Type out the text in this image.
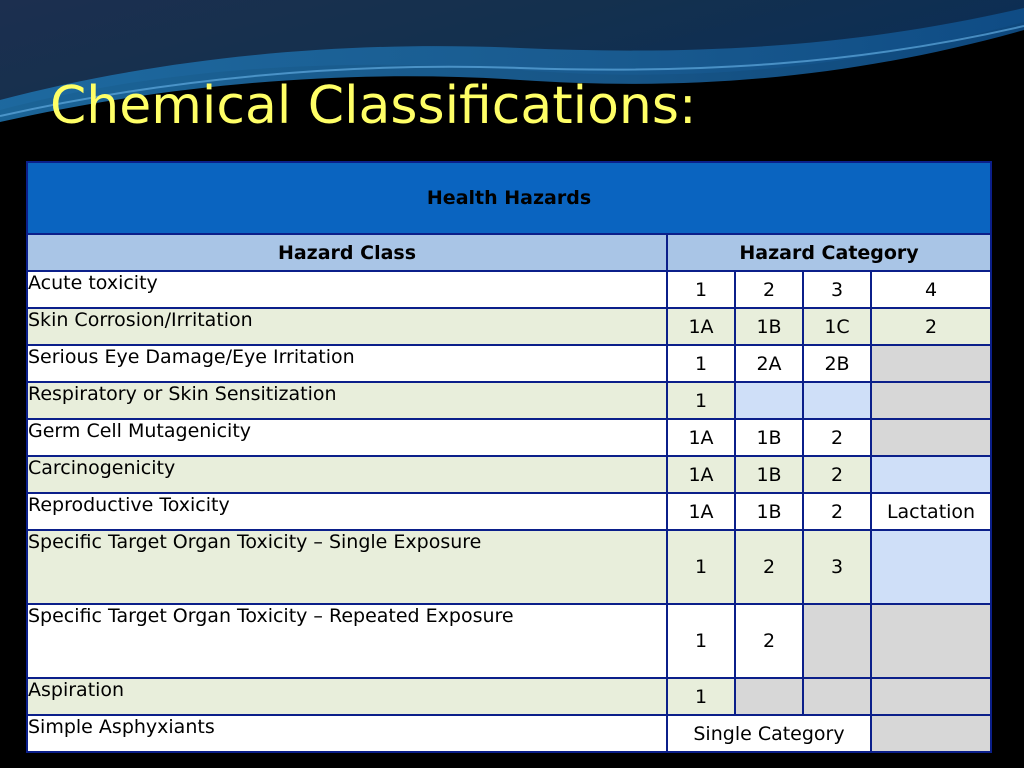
Chemical Classifications:
Health Hazards				
Hazard Class	Hazard Category			
Acute toxicity	1	2	3	4
Skin Corrosion/Irritation	1A	1B	1C	2
Serious Eye Damage/Eye Irritation	1	2A	2B	
Respiratory or Skin Sensitization	1			
Germ Cell Mutagenicity	1A	1B	2	
Carcinogenicity	1A	1B	2	
Reproductive Toxicity	1A	1B	2	Lactation
Specific Target Organ Toxicity – Single Exposure	1	2	3	
Specific Target Organ Toxicity – Repeated Exposure	1	2		
Aspiration	1			
Simple Asphyxiants	Single Category			
